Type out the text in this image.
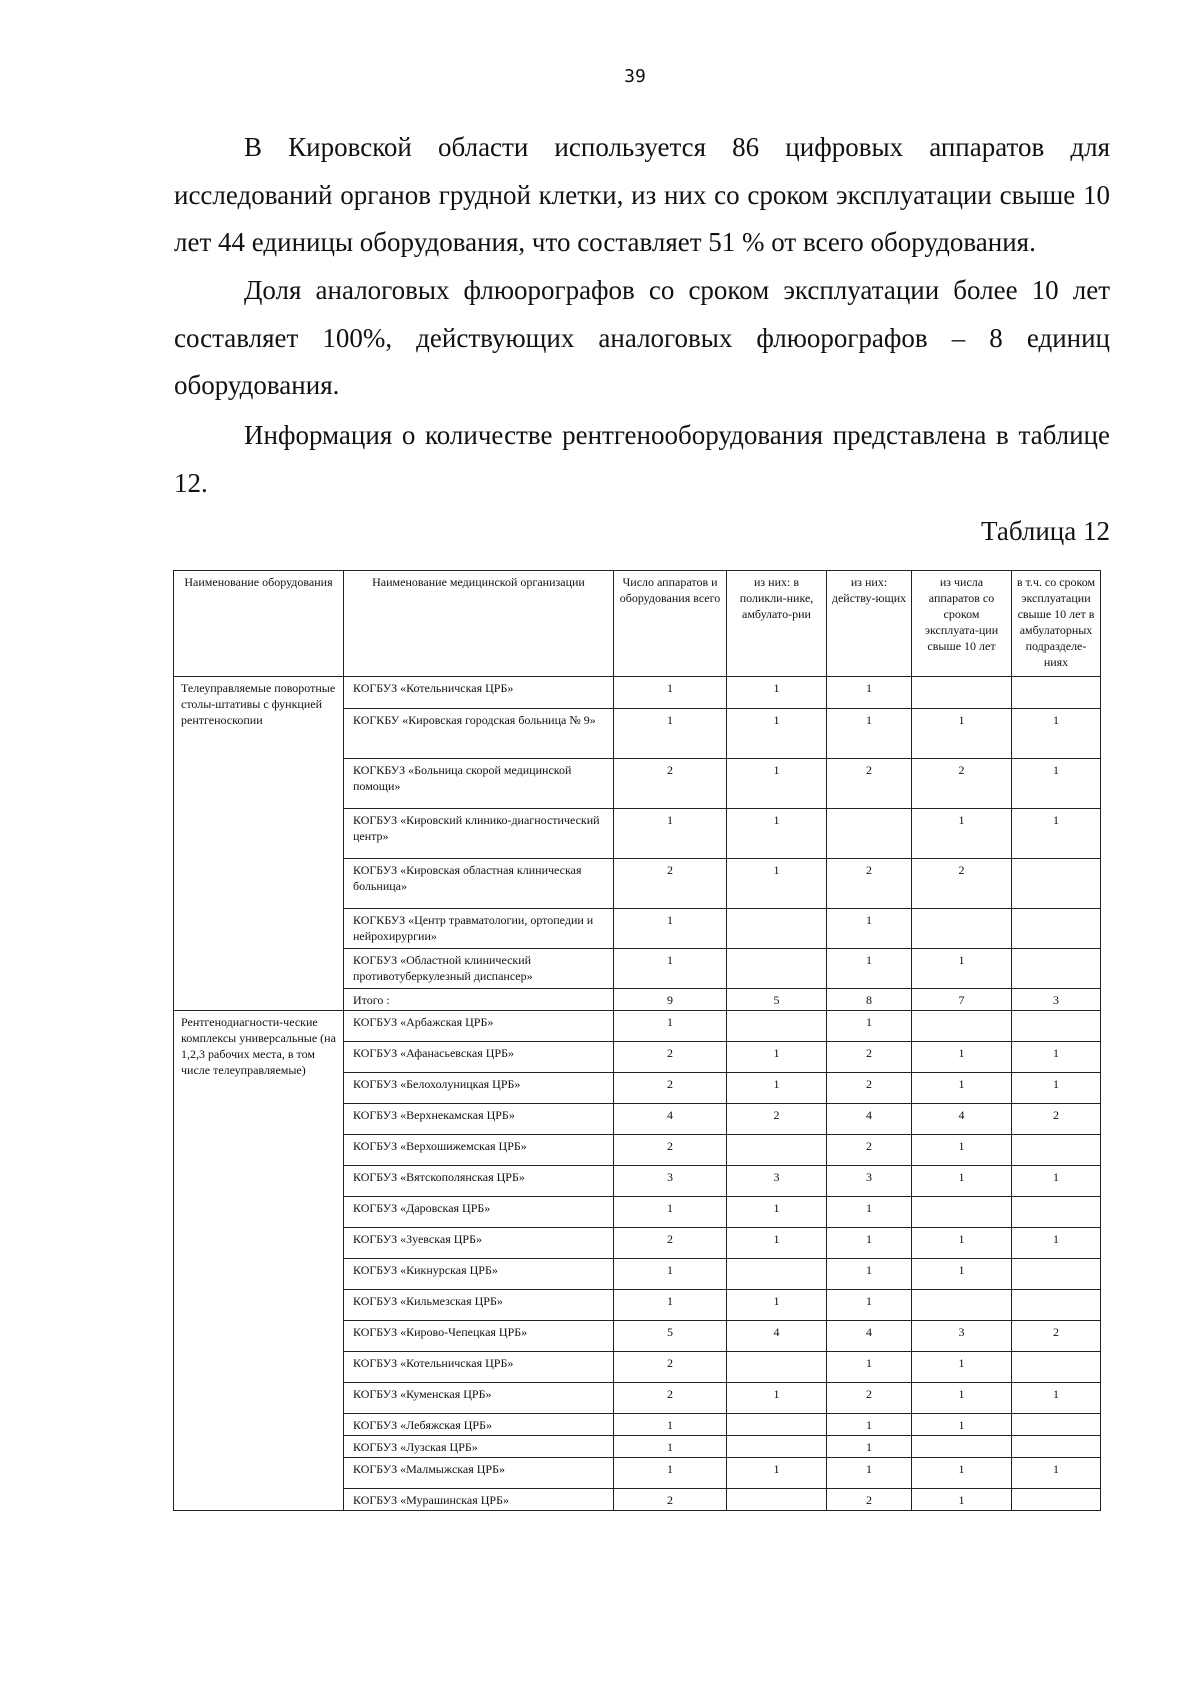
39

В Кировской области используется 86 цифровых аппаратов для исследований органов грудной клетки, из них со сроком эксплуатации свыше 10 лет 44 единицы оборудования, что составляет 51 % от всего оборудования.

Доля аналоговых флюорографов со сроком эксплуатации более 10 лет составляет 100%, действующих аналоговых флюорографов – 8 единиц оборудования.

Информация о количестве рентгенооборудования представлена в таблице 12.

Таблица 12
Наименование оборудования	Наименование медицинской организации	Число аппаратов и оборудования всего	из них: в поликли-нике, амбулато-рии	из них: действу-ющих	из числа аппаратов со сроком эксплуата-ции свыше 10 лет	в т.ч. со сроком эксплуатации свыше 10 лет в амбулаторных подразделе-ниях
Телеуправляемые поворотные столы-штативы с функцией рентгеноскопии	КОГБУЗ «Котельничская ЦРБ»	1	1	1		
	КОГКБУ «Кировская городская больница № 9»	1	1	1	1	1
	КОГКБУЗ «Больница скорой медицинской помощи»	2	1	2	2	1
	КОГБУЗ «Кировский клинико-диагностический центр»	1	1		1	1
	КОГБУЗ «Кировская областная клиническая больница»	2	1	2	2	
	КОГКБУЗ «Центр травматологии, ортопедии и нейрохирургии»	1		1		
	КОГБУЗ «Областной клинический противотуберкулезный диспансер»	1		1	1	
	Итого :	9	5	8	7	3
Рентгенодиагности-ческие комплексы универсальные (на 1,2,3 рабочих места, в том числе телеуправляемые)	КОГБУЗ «Арбажская ЦРБ»	1		1		
	КОГБУЗ «Афанасьевская ЦРБ»	2	1	2	1	1
	КОГБУЗ «Белохолуницкая ЦРБ»	2	1	2	1	1
	КОГБУЗ «Верхнекамская ЦРБ»	4	2	4	4	2
	КОГБУЗ «Верхошижемская ЦРБ»	2		2	1	
	КОГБУЗ «Вятскополянская ЦРБ»	3	3	3	1	1
	КОГБУЗ «Даровская ЦРБ»	1	1	1		
	КОГБУЗ «Зуевская ЦРБ»	2	1	1	1	1
	КОГБУЗ «Кикнурская ЦРБ»	1		1	1	
	КОГБУЗ «Кильмезская ЦРБ»	1	1	1		
	КОГБУЗ «Кирово-Чепецкая ЦРБ»	5	4	4	3	2
	КОГБУЗ «Котельничская ЦРБ»	2		1	1	
	КОГБУЗ «Куменская ЦРБ»	2	1	2	1	1
	КОГБУЗ «Лебяжская ЦРБ»	1		1	1	
	КОГБУЗ «Лузская ЦРБ»	1		1		
	КОГБУЗ «Малмыжская ЦРБ»	1	1	1	1	1
	КОГБУЗ «Мурашинская ЦРБ»	2		2	1	
